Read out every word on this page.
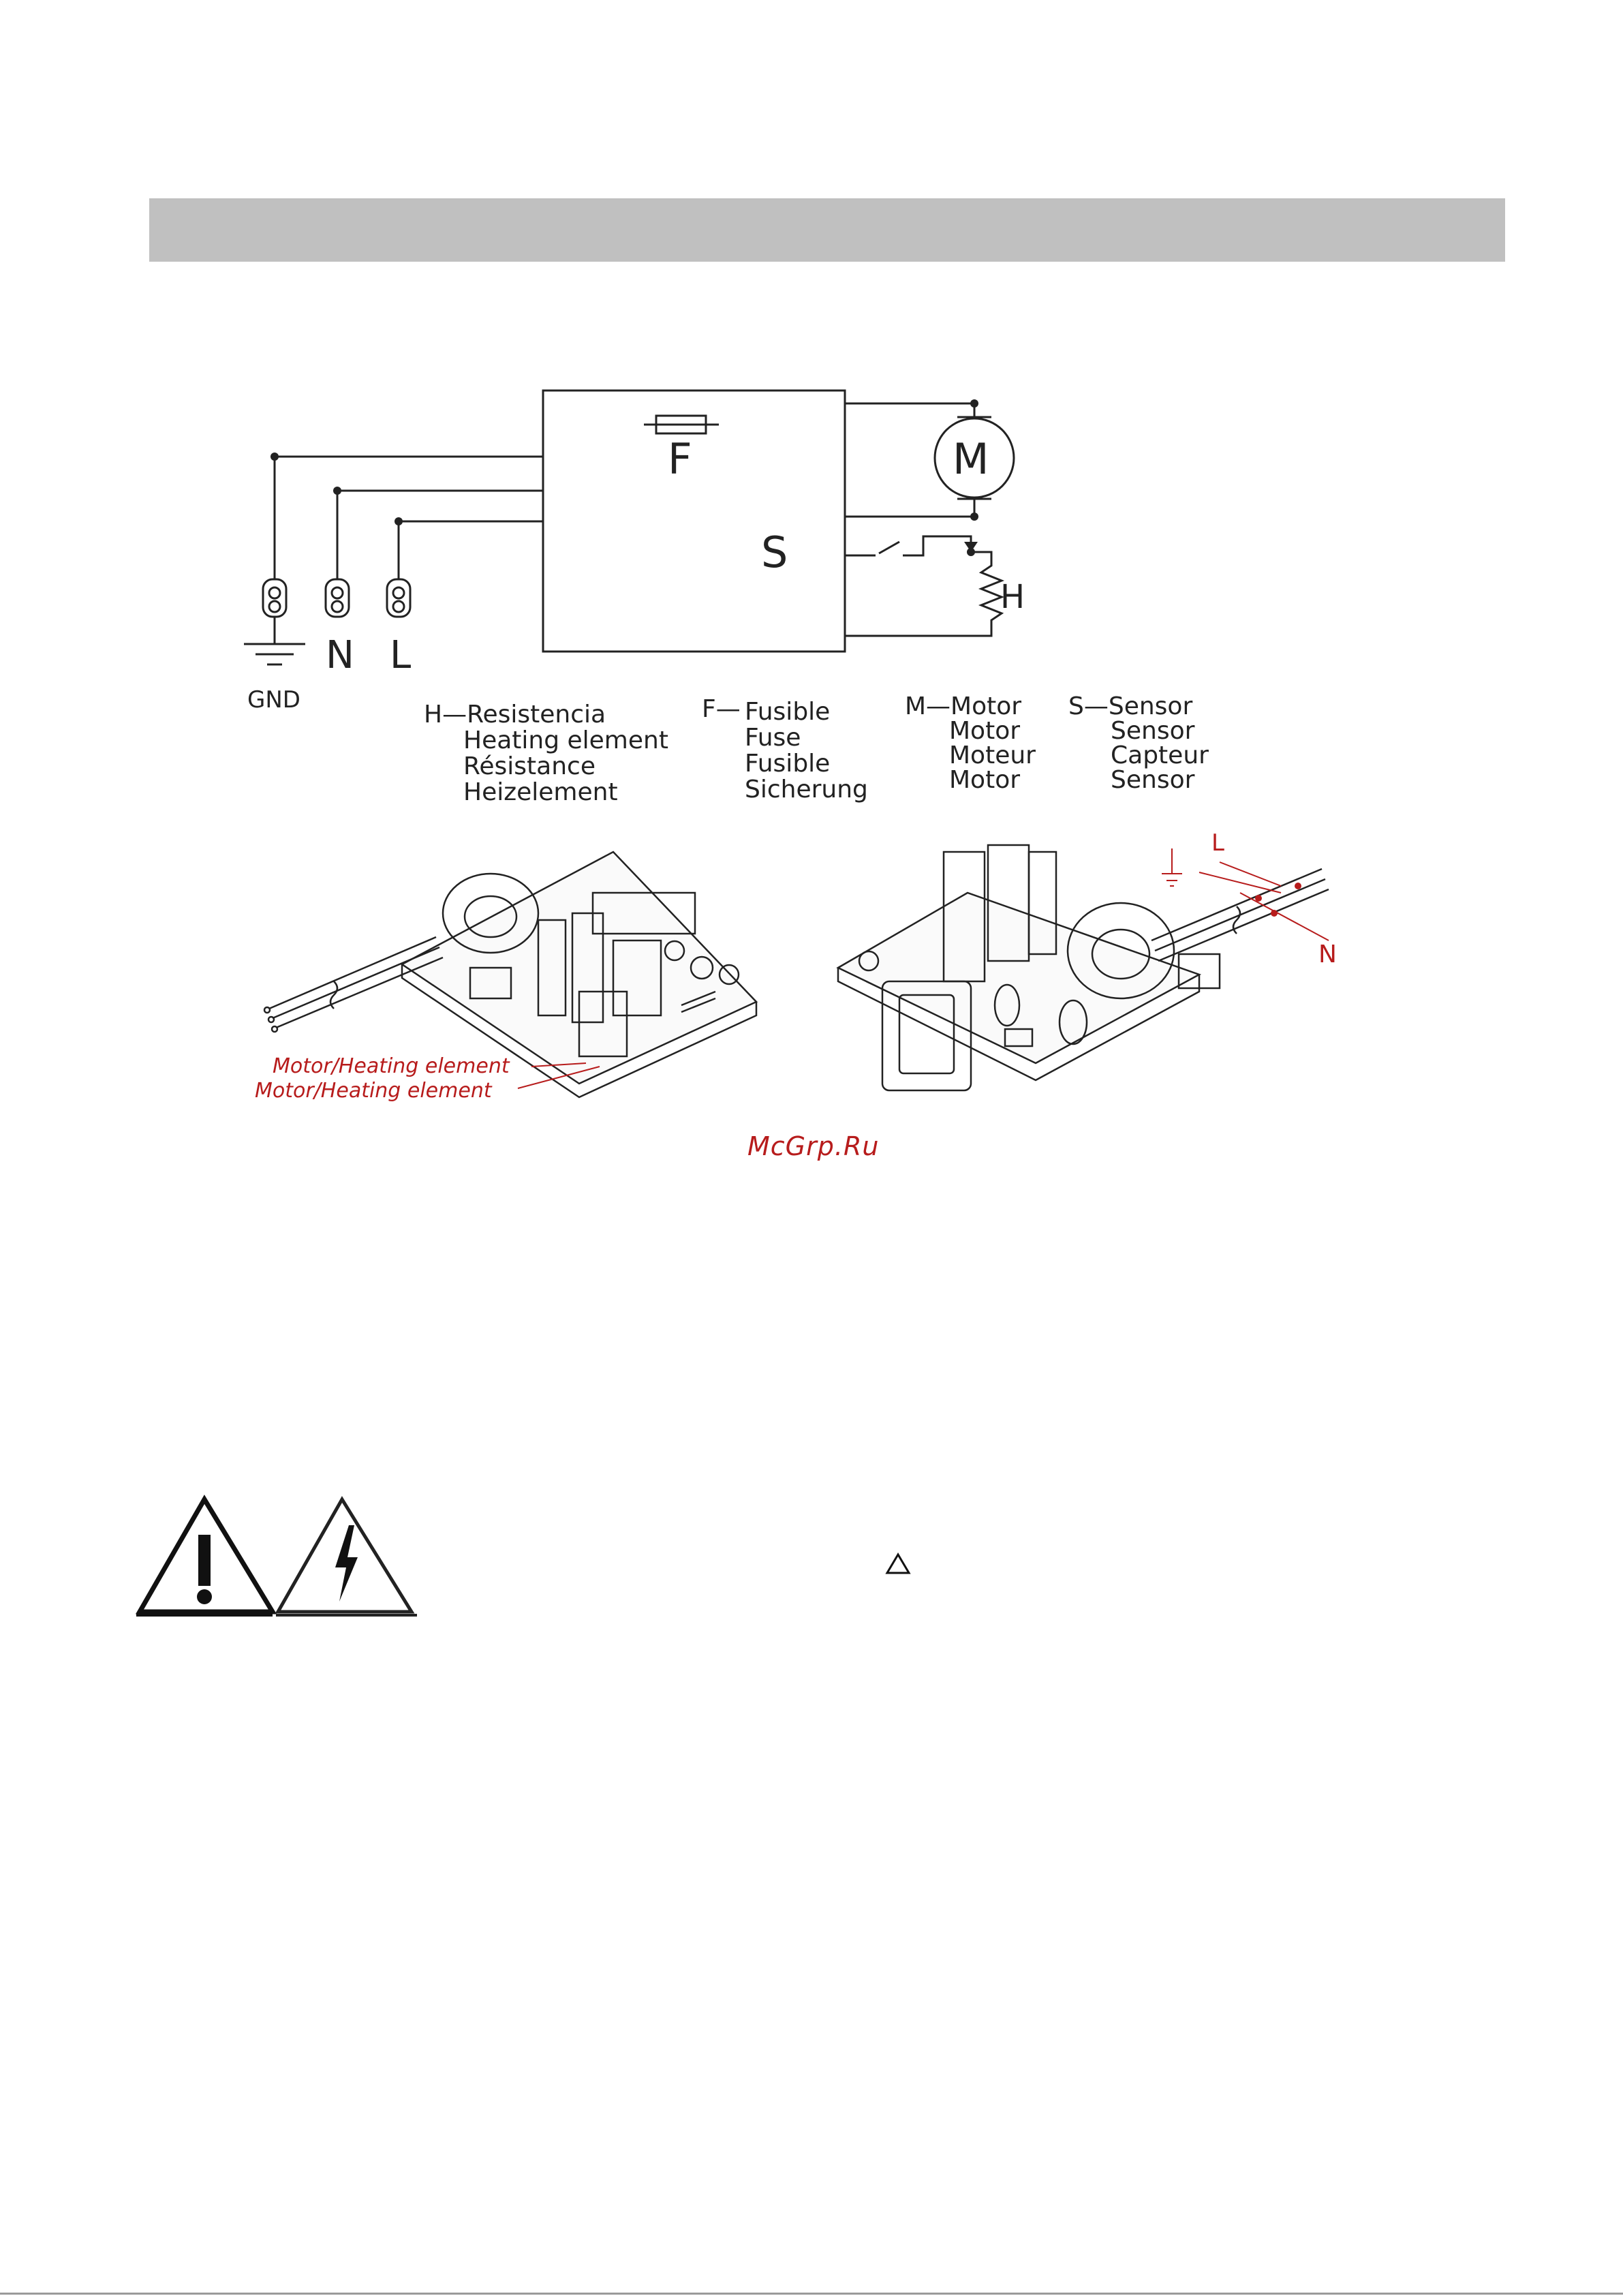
F	M
S
H
GND
N L
H—Resistencia
Heating element
Résistance
Heizelement
F— Fusible
Fuse
Fusible
Sicherung
M—Motor
Motor
Moteur
Motor
S—Sensor
Sensor
Capteur
Sensor
Motor/Heating element
Motor/Heating element
L
N
McGrp.Ru
